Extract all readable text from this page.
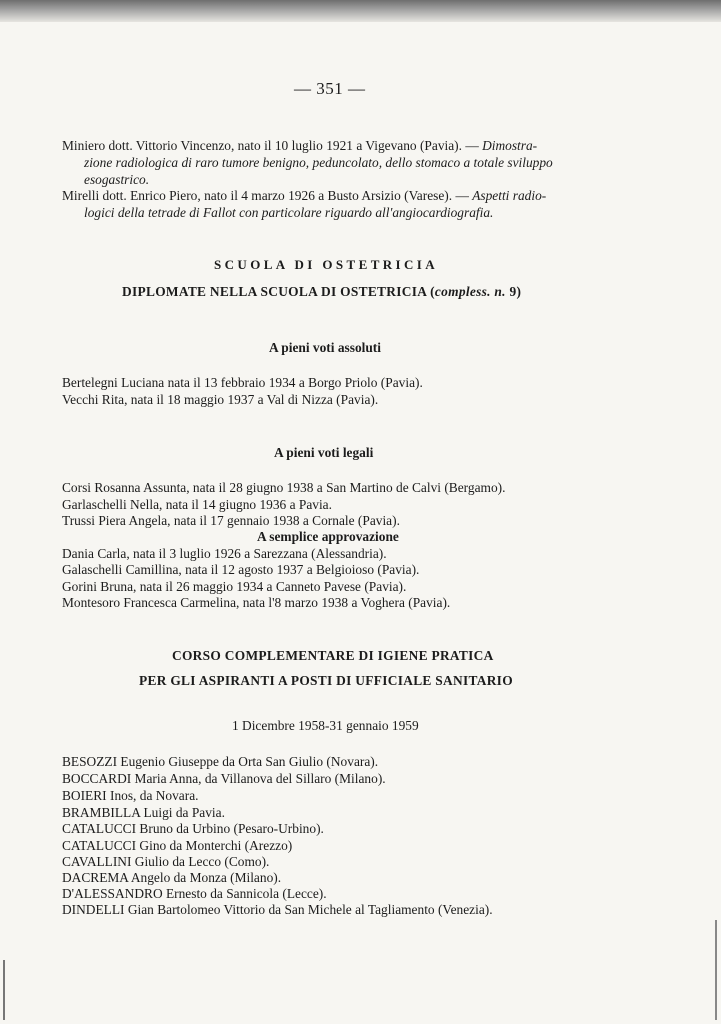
— 351 —

Miniero dott. Vittorio Vincenzo, nato il 10 luglio 1921 a Vigevano (Pavia). — Dimostra-

zione radiologica di raro tumore benigno, peduncolato, dello stomaco a totale sviluppo

esogastrico.

Mirelli dott. Enrico Piero, nato il 4 marzo 1926 a Busto Arsizio (Varese). — Aspetti radio-

logici della tetrade di Fallot con particolare riguardo all'angiocardiografia.

SCUOLA DI OSTETRICIA

DIPLOMATE NELLA SCUOLA DI OSTETRICIA (compless. n. 9)

A pieni voti assoluti

Bertelegni Luciana nata il 13 febbraio 1934 a Borgo Priolo (Pavia).

Vecchi Rita, nata il 18 maggio 1937 a Val di Nizza (Pavia).

A pieni voti legali

Corsi Rosanna Assunta, nata il 28 giugno 1938 a San Martino de Calvi (Bergamo).

Garlaschelli Nella, nata il 14 giugno 1936 a Pavia.

Trussi Piera Angela, nata il 17 gennaio 1938 a Cornale (Pavia).

A semplice approvazione

Dania Carla, nata il 3 luglio 1926 a Sarezzana (Alessandria).

Galaschelli Camillina, nata il 12 agosto 1937 a Belgioioso (Pavia).

Gorini Bruna, nata il 26 maggio 1934 a Canneto Pavese (Pavia).

Montesoro Francesca Carmelina, nata l'8 marzo 1938 a Voghera (Pavia).

CORSO COMPLEMENTARE DI IGIENE PRATICA

PER GLI ASPIRANTI A POSTI DI UFFICIALE SANITARIO

1 Dicembre 1958-31 gennaio 1959

BESOZZI Eugenio Giuseppe da Orta San Giulio (Novara).

BOCCARDI Maria Anna, da Villanova del Sillaro (Milano).

BOIERI Inos, da Novara.

BRAMBILLA Luigi da Pavia.

CATALUCCI Bruno da Urbino (Pesaro-Urbino).

CATALUCCI Gino da Monterchi (Arezzo)

CAVALLINI Giulio da Lecco (Como).

DACREMA Angelo da Monza (Milano).

D'ALESSANDRO Ernesto da Sannicola (Lecce).

DINDELLI Gian Bartolomeo Vittorio da San Michele al Tagliamento (Venezia).
